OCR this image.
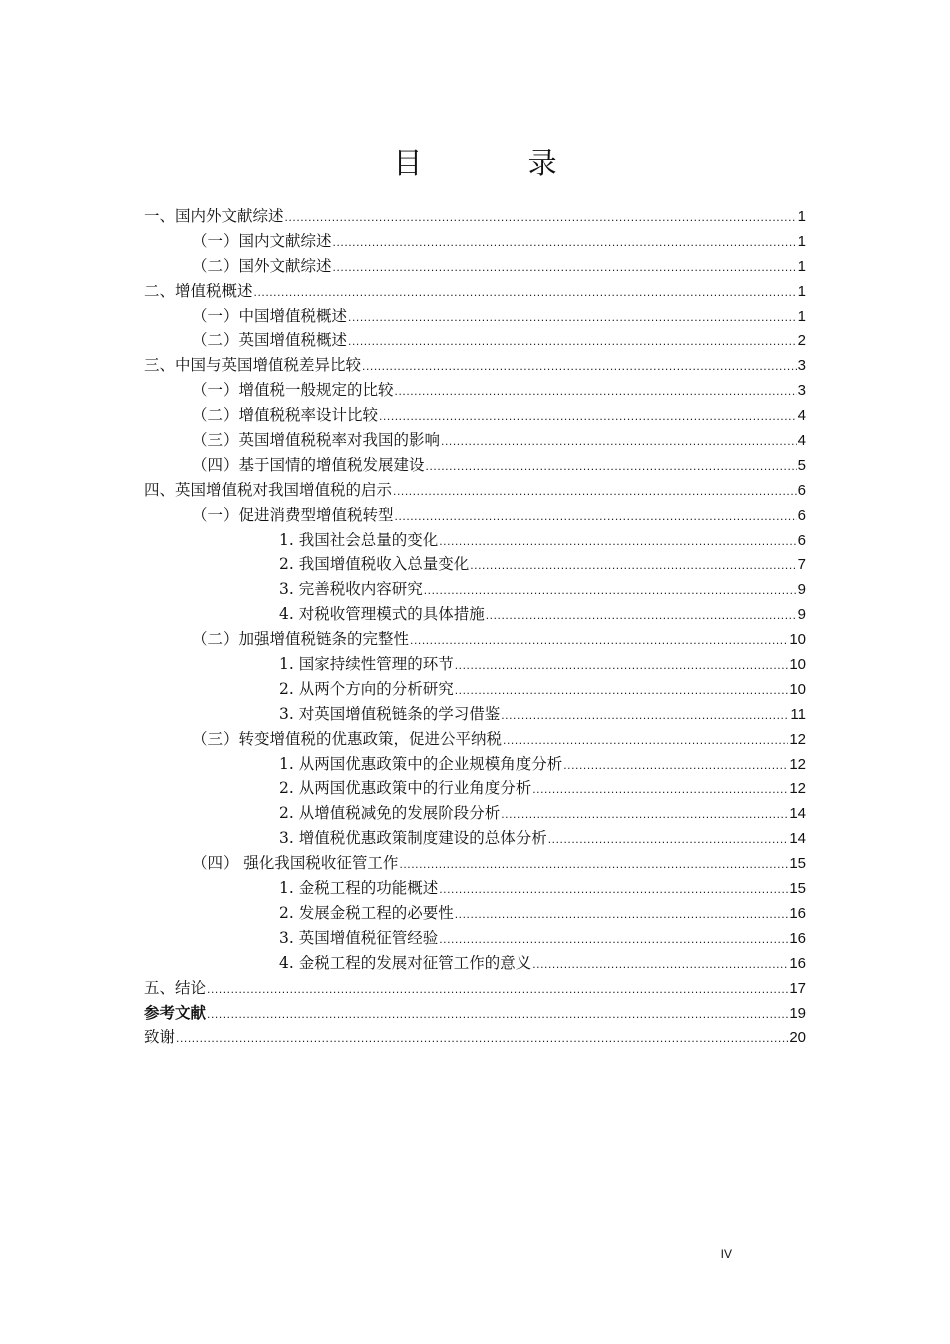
目 录
一、国内外文献综述 .....	1
（一）国内文献综述 .....	1
（二）国外文献综述 .....	1
二、增值税概述 .....	1
（一）中国增值税概述 .....	1
（二）英国增值税概述 .....	2
三、中国与英国增值税差异比较 .....	3
（一）增值税一般规定的比较 .....	3
（二）增值税税率设计比较 .....	4
（三）英国增值税税率对我国的影响 .....	4
（四）基于国情的增值税发展建设 .....	5
四、英国增值税对我国增值税的启示 .....	6
（一）促进消费型增值税转型 .....	6
1. 我国社会总量的变化 .....	6
2. 我国增值税收入总量变化 .....	7
3. 完善税收内容研究 .....	9
4. 对税收管理模式的具体措施 .....	9
（二）加强增值税链条的完整性 .....	10
1. 国家持续性管理的环节 .....	10
2. 从两个方向的分析研究 .....	10
3. 对英国增值税链条的学习借鉴 .....	11
（三）转变增值税的优惠政策，促进公平纳税 .....	12
1. 从两国优惠政策中的企业规模角度分析 .....	12
2. 从两国优惠政策中的行业角度分析 .....	12
2. 从增值税减免的发展阶段分析 .....	14
3. 增值税优惠政策制度建设的总体分析 .....	14
（四） 强化我国税收征管工作 .....	15
1. 金税工程的功能概述 .....	15
2. 发展金税工程的必要性 .....	16
3. 英国增值税征管经验 .....	16
4. 金税工程的发展对征管工作的意义 .....	16
五、结论 .....	17
参考文献 .....	19
致谢 .....	20
IV
